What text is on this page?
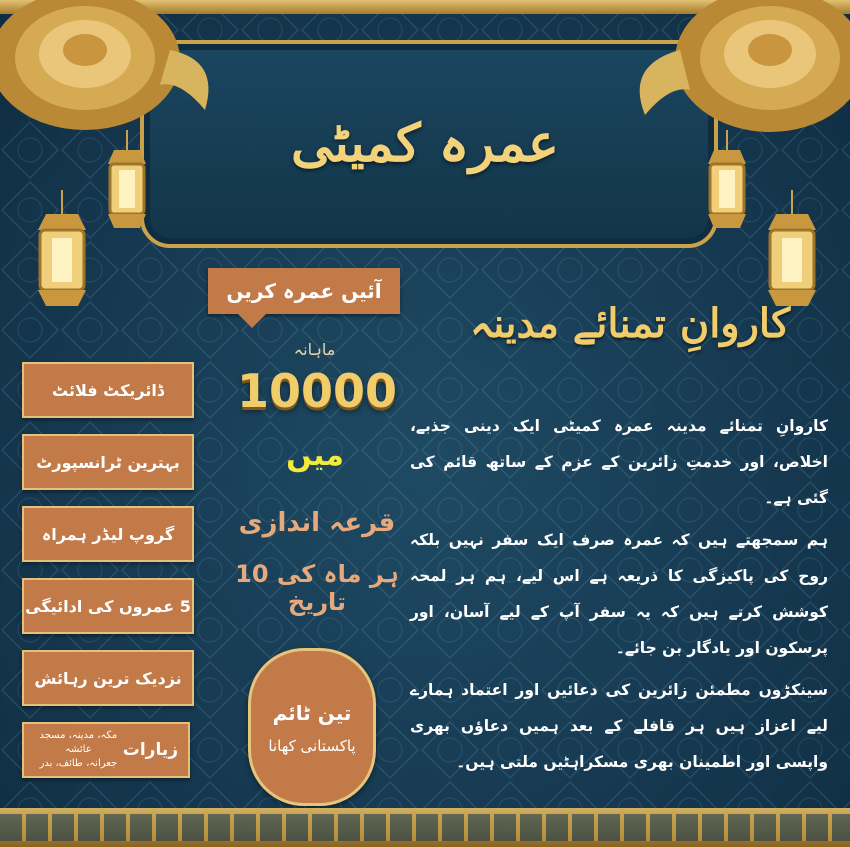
عمرہ کمیٹی
آئیں عمرہ کریں
ماہانہ
10000
میں
قرعہ اندازی
ہر ماہ کی 10 تاریخ
تین ٹائم
پاکستانی کھانا
ڈائریکٹ فلائٹ
بہترین ٹرانسپورٹ
گروپ لیڈر ہمراہ
5 عمروں کی ادائیگی
نزدیک ترین رہائش
زیارات
مکہ، مدینہ، مسجد عائشہ
جعرانہ، طائف، بدر
کاروانِ تمنائے مدینہ

کاروانِ تمنائے مدینہ عمرہ کمیٹی ایک دینی جذبے، اخلاص، اور خدمتِ زائرین کے عزم کے ساتھ قائم کی گئی ہے۔

ہم سمجھتے ہیں کہ عمرہ صرف ایک سفر نہیں بلکہ روح کی پاکیزگی کا ذریعہ ہے اس لیے، ہم ہر لمحہ کوشش کرتے ہیں کہ یہ سفر آپ کے لیے آسان، اور پرسکون اور یادگار بن جائے۔

سینکڑوں مطمئن زائرین کی دعائیں اور اعتماد ہمارے لیے اعزاز ہیں ہر قافلے کے بعد ہمیں دعاؤں بھری واپسی اور اطمینان بھری مسکراہٹیں ملتی ہیں۔
